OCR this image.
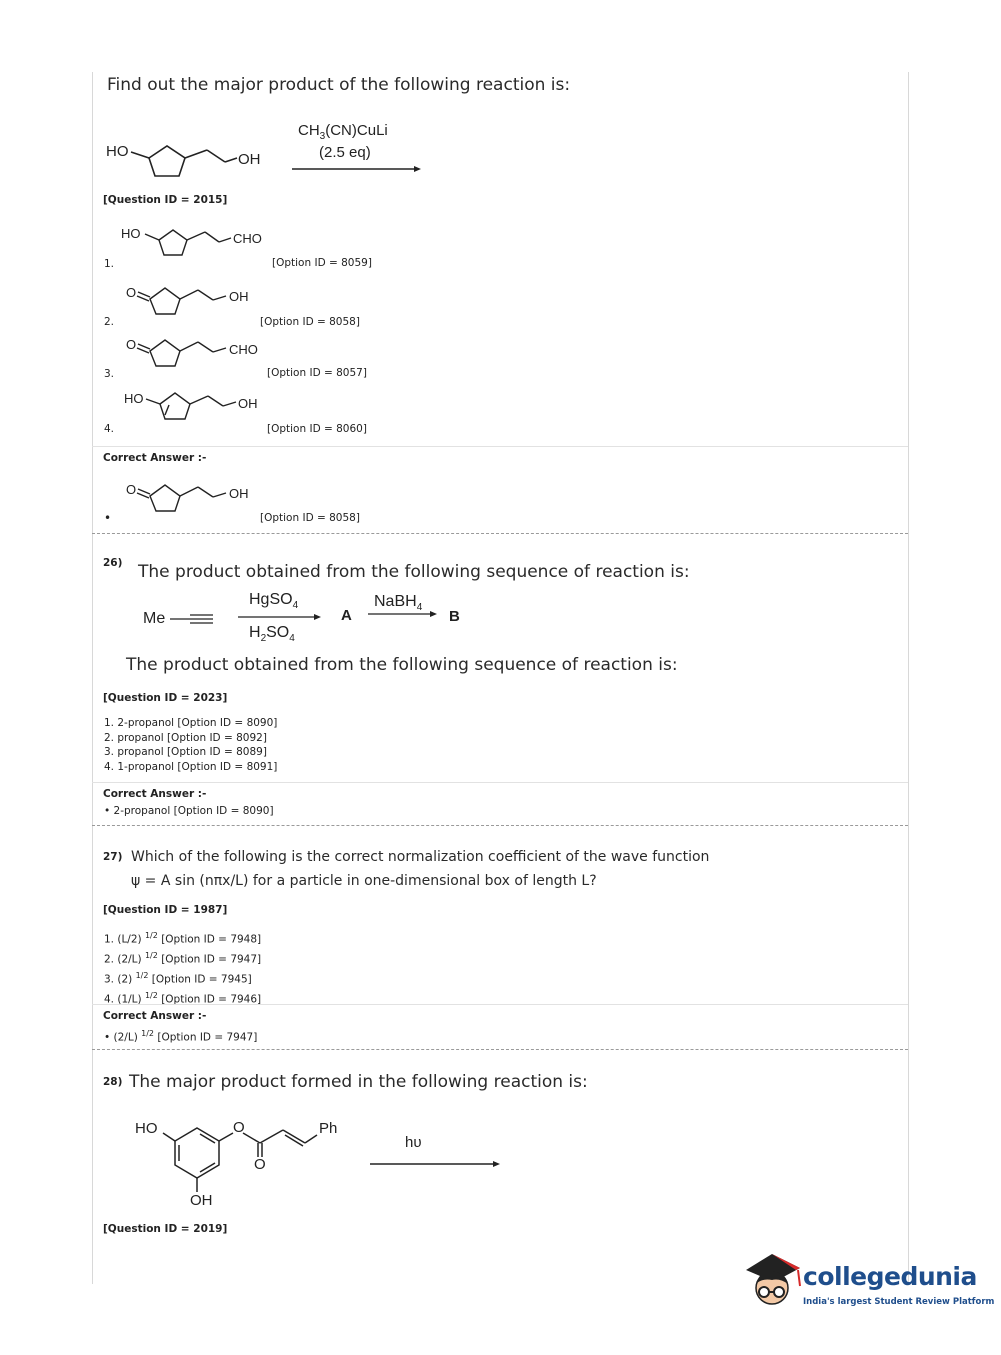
Find out the major product of the following reaction is:
HO	OH
$CH_3(CN)CuLi$
(2.5 eq)
[Question ID = 2015]
HO	CHO
1.	[Option ID = 8059]
O	OH
2.	[Option ID = 8058]
O	CHO
3.	[Option ID = 8057]
HO	OH
4.	[Option ID = 8060]
Correct Answer :-
O	OH
•	[Option ID = 8058]
26) The product obtained from the following sequence of reaction is:
Me
HgSO$_4$
$H_2SO_4$
A
NaBH$_4$
B
The product obtained from the following sequence of reaction is:
[Question ID = 2023]
1. 2-propanol [Option ID = 8090]
2. propanol [Option ID = 8092]
3. propanol [Option ID = 8089]
4. 1-propanol [Option ID = 8091]
Correct Answer :-
• 2-propanol [Option ID = 8090]
27) Which of the following is the correct normalization coefficient of the wave function
ψ = A sin (nπx/L) for a particle in one-dimensional box of length L?
[Question ID = 1987]
1. (L/2) $^{1/2}$ [Option ID = 7948]
2. (2/L) $^{1/2}$ [Option ID = 7947]
3. (2) $^{1/2}$ [Option ID = 7945]
4. (1/L) $^{1/2}$ [Option ID = 7946]
Correct Answer :-
• (2/L) $^{1/2}$ [Option ID = 7947]
28) The major product formed in the following reaction is:
HO
OH
O
O
Ph
hυ
[Question ID = 2019]
collegedunia
India's largest Student Review Platform
